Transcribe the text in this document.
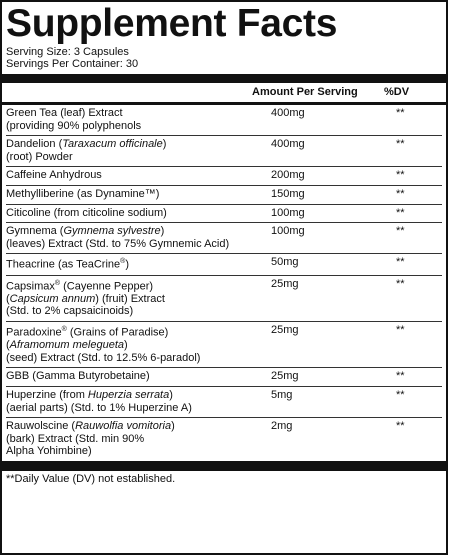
Supplement Facts
Serving Size: 3 Capsules
Servings Per Container: 30
Amount Per Serving %DV
Green Tea (leaf) Extract
(providing 90% polyphenols
400mg	**
Dandelion (Taraxacum officinale)
(root) Powder
400mg	**
Caffeine Anhydrous	200mg	**
Methylliberine (as Dynamine™)	150mg	**
Citicoline (from citicoline sodium)	100mg	**
Gymnema (Gymnema sylvestre)
(leaves) Extract (Std. to 75% Gymnemic Acid)
100mg	**
Theacrine (as TeaCrine®)	50mg	**
Capsimax® (Cayenne Pepper)
(Capsicum annum) (fruit) Extract
(Std. to 2% capsaicinoids)
25mg	**
Paradoxine® (Grains of Paradise)
(Aframomum melegueta)
(seed) Extract (Std. to 12.5% 6-paradol)
25mg	**
GBB (Gamma Butyrobetaine)	25mg	**
Huperzine (from Huperzia serrata)
(aerial parts) (Std. to 1% Huperzine A)
5mg	**
Rauwolscine (Rauwolfia vomitoria)
(bark) Extract (Std. min 90%
Alpha Yohimbine)
2mg	**
**Daily Value (DV) not established.
